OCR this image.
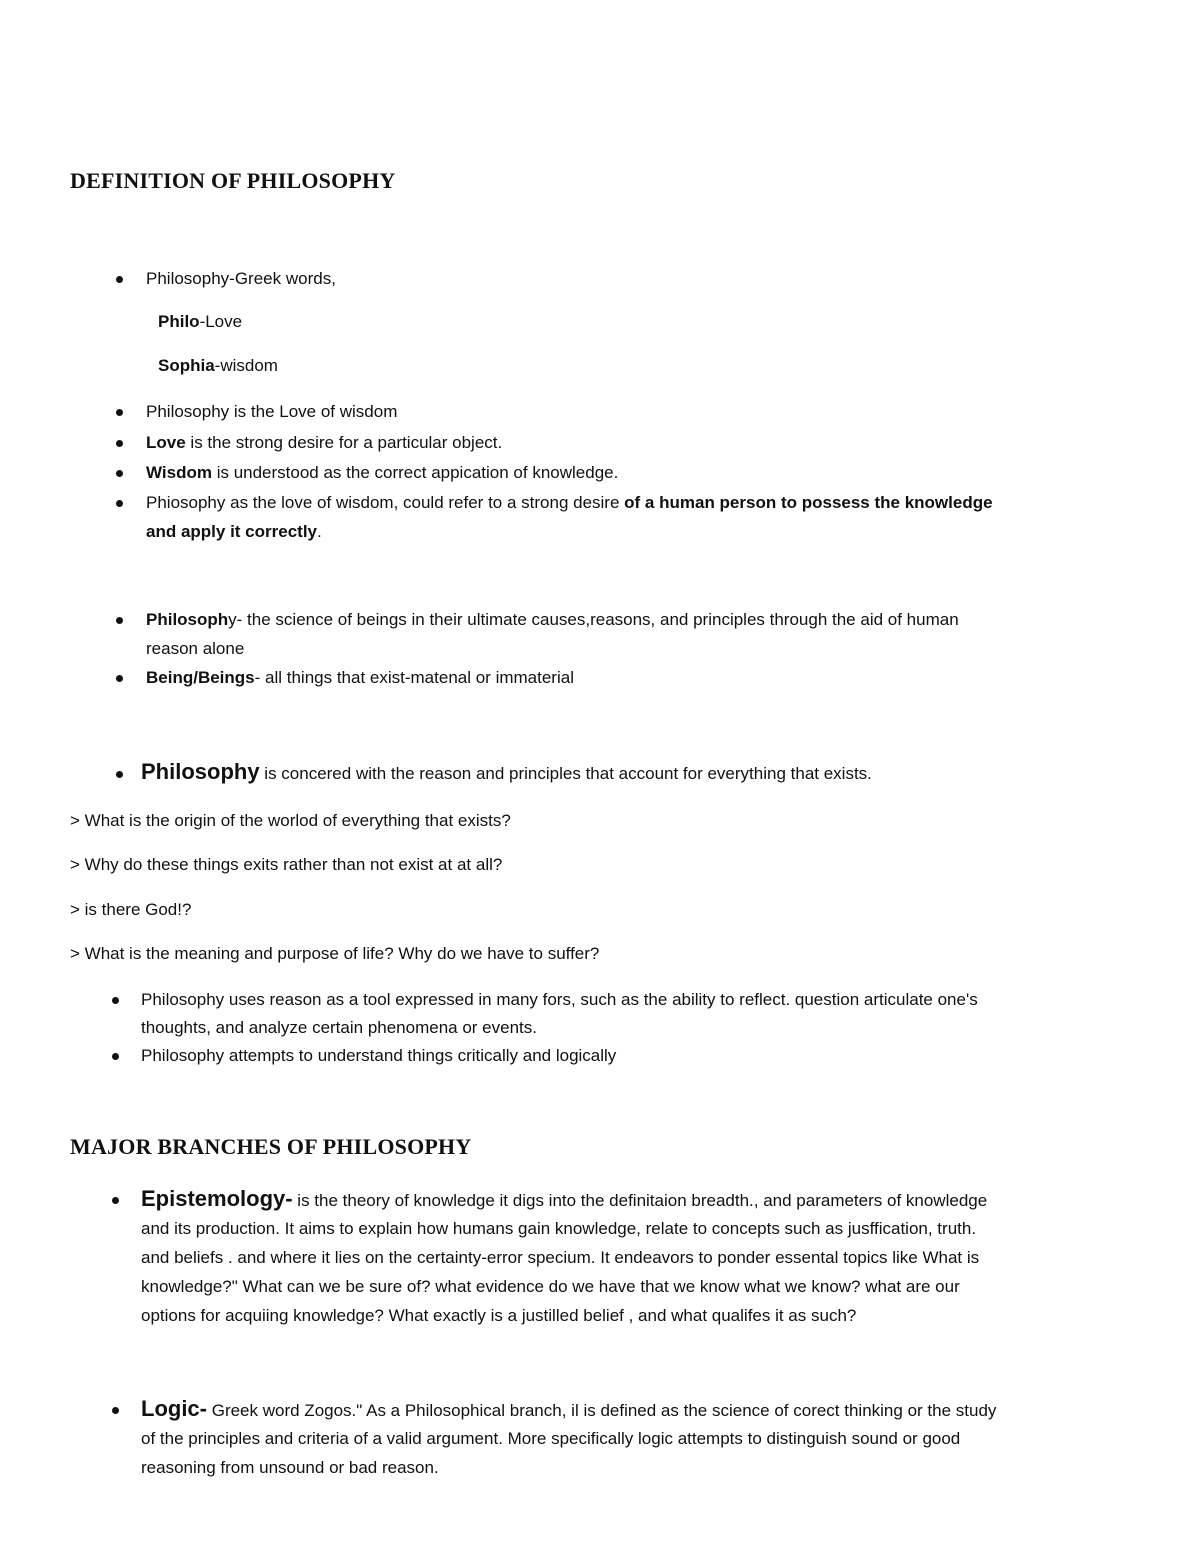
DEFINITION OF PHILOSOPHY

Philosophy-Greek words,

Philo-Love

Sophia-wisdom

Philosophy is the Love of wisdom

Love is the strong desire for a particular object.

Wisdom is understood as the correct appication of knowledge.

Phiosophy as the love of wisdom, could refer to a strong desire of a human person to possess the knowledge

and apply it correctly.

Philosophy- the science of beings in their ultimate causes,reasons, and principles through the aid of human

reason alone

Being/Beings- all things that exist-matenal or immaterial

Philosophy is concered with the reason and principles that account for everything that exists.

> What is the origin of the worlod of everything that exists?

> Why do these things exits rather than not exist at at all?

> is there God!?

> What is the meaning and purpose of life? Why do we have to suffer?

Philosophy uses reason as a tool expressed in many fors, such as the ability to reflect. question articulate one's

thoughts, and analyze certain phenomena or events.

Philosophy attempts to understand things critically and logically

MAJOR BRANCHES OF PHILOSOPHY

Epistemology- is the theory of knowledge it digs into the definitaion breadth., and parameters of knowledge

and its production. It aims to explain how humans gain knowledge, relate to concepts such as jusffication, truth.

and beliefs . and where it lies on the certainty-error specium. It endeavors to ponder essental topics like What is

knowledge?" What can we be sure of? what evidence do we have that we know what we know? what are our

options for acquiing knowledge? What exactly is a justilled belief , and what qualifes it as such?

Logic- Greek word Zogos." As a Philosophical branch, il is defined as the science of corect thinking or the study

of the principles and criteria of a valid argument. More specifically logic attempts to distinguish sound or good

reasoning from unsound or bad reason.
